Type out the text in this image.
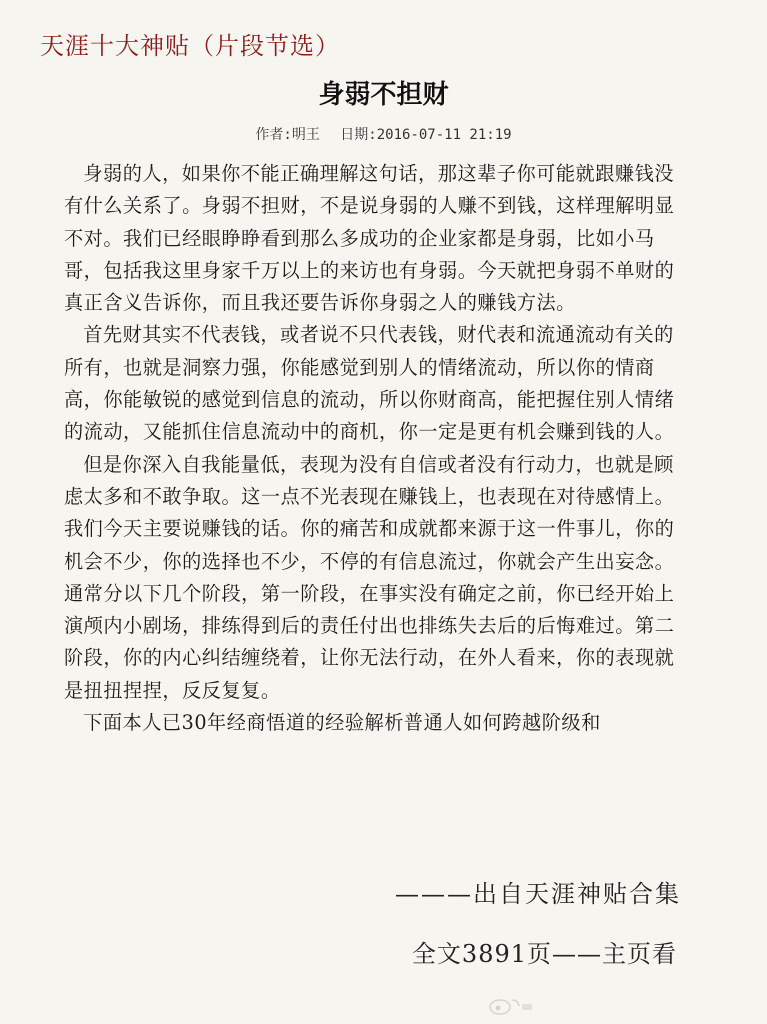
天涯十大神贴（片段节选）
身弱不担财
作者:明王 日期:2016-07-11 21:19

身弱的人，如果你不能正确理解这句话，那这辈子你可能就跟赚钱没有什么关系了。身弱不担财，不是说身弱的人赚不到钱，这样理解明显不对。我们已经眼睁睁看到那么多成功的企业家都是身弱，比如小马哥，包括我这里身家千万以上的来访也有身弱。今天就把身弱不单财的真正含义告诉你，而且我还要告诉你身弱之人的赚钱方法。

首先财其实不代表钱，或者说不只代表钱，财代表和流通流动有关的所有，也就是洞察力强，你能感觉到别人的情绪流动，所以你的情商高，你能敏锐的感觉到信息的流动，所以你财商高，能把握住别人情绪的流动，又能抓住信息流动中的商机，你一定是更有机会赚到钱的人。

但是你深入自我能量低，表现为没有自信或者没有行动力，也就是顾虑太多和不敢争取。这一点不光表现在赚钱上，也表现在对待感情上。我们今天主要说赚钱的话。你的痛苦和成就都来源于这一件事儿，你的机会不少，你的选择也不少，不停的有信息流过，你就会产生出妄念。通常分以下几个阶段，第一阶段，在事实没有确定之前，你已经开始上演颅内小剧场，排练得到后的责任付出也排练失去后的后悔难过。第二阶段，你的内心纠结缠绕着，让你无法行动，在外人看来，你的表现就是扭扭捏捏，反反复复。

下面本人已30年经商悟道的经验解析普通人如何跨越阶级和

———出自天涯神贴合集
全文3891页——主页看
